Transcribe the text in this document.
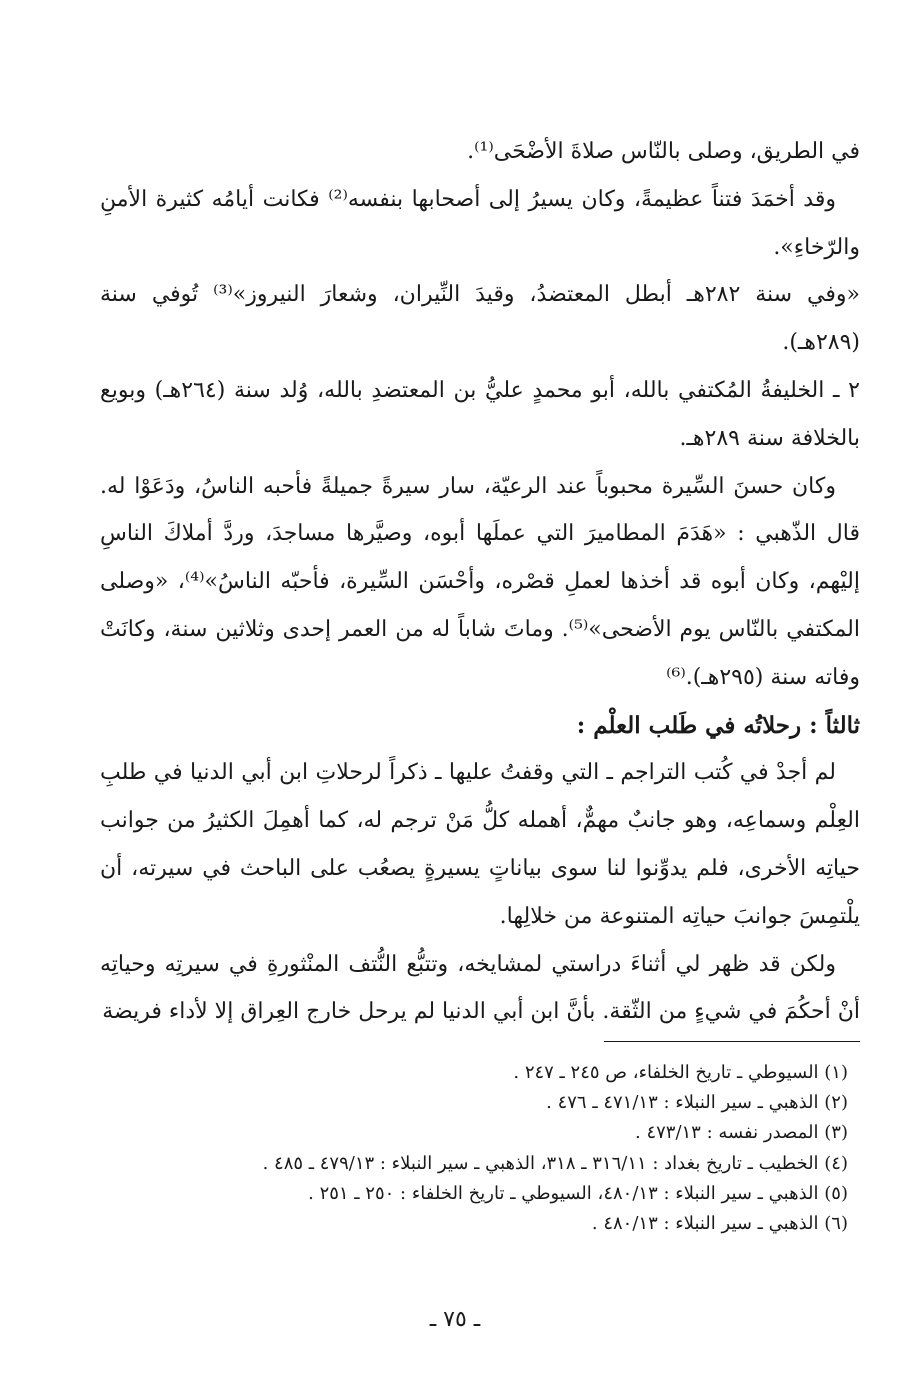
في الطريق، وصلى بالنّاس صلاةَ الأضْحَى⁽¹⁾.

وقد أخمَدَ فتناً عظيمةً، وكان يسيرُ إلى أصحابها بنفسه⁽²⁾ فكانت أيامُه كثيرة الأمنِ والرّخاءِ».

«وفي سنة ٢٨٢هـ أبطل المعتضدُ، وقيدَ النِّيران، وشعارَ النيروز»⁽³⁾ تُوفي سنة (٢٨٩هـ).

٢ ـ الخليفةُ المُكتفي بالله، أبو محمدٍ عليُّ بن المعتضدِ بالله، وُلد سنة (٢٦٤هـ) وبويع بالخلافة سنة ٢٨٩هـ.

وكان حسنَ السِّيرة محبوباً عند الرعيّة، سار سيرةً جميلةً فأحبه الناسُ، ودَعَوْا له. قال الذّهبي : «هَدَمَ المطاميرَ التي عملَها أبوه، وصيَّرها مساجدَ، وردَّ أملاكَ الناسِ إليْهم، وكان أبوه قد أخذها لعملِ قصْره، وأحْسَن السِّيرة، فأحبّه الناسُ»⁽⁴⁾، «وصلى المكتفي بالنّاس يوم الأضحى»⁽⁵⁾. وماتَ شاباً له من العمر إحدى وثلاثين سنة، وكانَتْ وفاته سنة (٢٩٥هـ).⁽⁶⁾

ثالثاً : رحلاتُه في طَلب العلْم :

لم أجدْ في كُتب التراجم ـ التي وقفتُ عليها ـ ذكراً لرحلاتِ ابن أبي الدنيا في طلبِ العِلْم وسماعِه، وهو جانبٌ مهمٌّ، أهمله كلُّ مَنْ ترجم له، كما أهمِلَ الكثيرُ من جوانب حياتِه الأخرى، فلم يدوِّنوا لنا سوى بياناتٍ يسيرةٍ يصعُب على الباحث في سيرته، أن يلْتمِسَ جوانبَ حياتِه المتنوعة من خلالِها.

ولكن قد ظهر لي أثناءَ دراستي لمشايخه، وتتبُّع النُّتف المنْثورةِ في سيرتِه وحياتِه أنْ أحكُمَ في شيءٍ من الثّقة. بأنَّ ابن أبي الدنيا لم يرحل خارج العِراق إلا لأداء فريضة

(١) السيوطي ـ تاريخ الخلفاء، ص ٢٤٥ ـ ٢٤٧ .
(٢) الذهبي ـ سير النبلاء : ٤٧١/١٣ ـ ٤٧٦ .
(٣) المصدر نفسه : ٤٧٣/١٣ .
(٤) الخطيب ـ تاريخ بغداد : ٣١٦/١١ ـ ٣١٨، الذهبي ـ سير النبلاء : ٤٧٩/١٣ ـ ٤٨٥ .
(٥) الذهبي ـ سير النبلاء : ٤٨٠/١٣، السيوطي ـ تاريخ الخلفاء : ٢٥٠ ـ ٢٥١ .
(٦) الذهبي ـ سير النبلاء : ٤٨٠/١٣ .
ـ ٧٥ ـ
